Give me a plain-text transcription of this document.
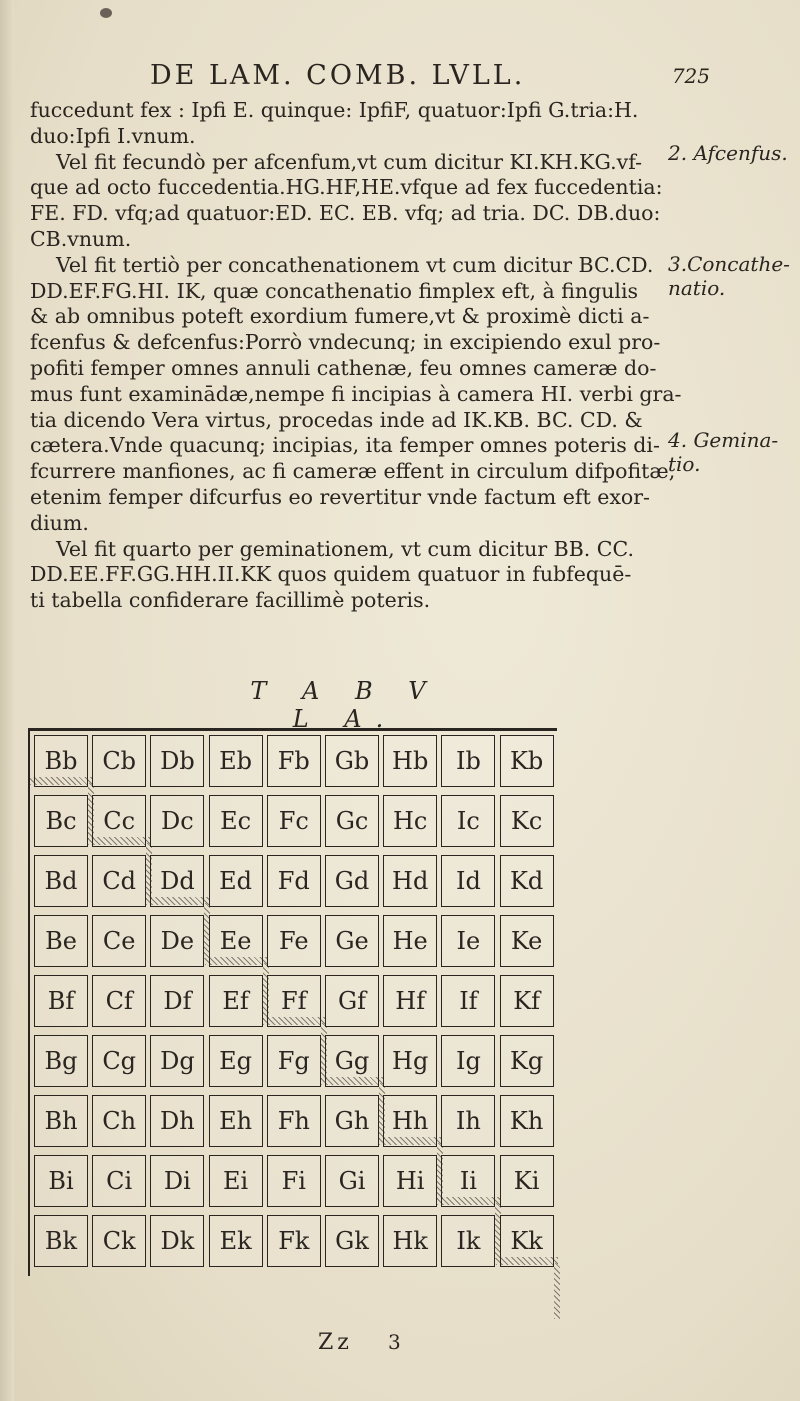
DE LAM. COMB. LVLL.	725

fuccedunt fex : Ipfi E. quinque: IpfiF, quatuor:Ipfi G.tria:H.

duo:Ipfi I.vnum.

Vel fit fecundò per afcenfum,vt cum dicitur KI.KH.KG.vf-

que ad octo fuccedentia.HG.HF,HE.vfque ad fex fuccedentia:

FE. FD. vfq;ad quatuor:ED. EC. EB. vfq; ad tria. DC. DB.duo:

CB.vnum.

Vel fit tertiò per concathenationem vt cum dicitur BC.CD.

DD.EF.FG.HI. IK, quæ concathenatio fimplex eft, à fingulis

& ab omnibus poteft exordium fumere,vt & proximè dicti a-

fcenfus & defcenfus:Porrò vndecunq; in excipiendo exul pro-

pofiti femper omnes annuli cathenæ, feu omnes cameræ do-

mus funt examinādæ,nempe fi incipias à camera HI. verbi gra-

tia dicendo Vera virtus, procedas inde ad IK.KB. BC. CD. &

cætera.Vnde quacunq; incipias, ita femper omnes poteris di-

fcurrere manfiones, ac fi cameræ effent in circulum difpofitæ,

etenim femper difcurfus eo revertitur vnde factum eft exor-

dium.

Vel fit quarto per geminationem, vt cum dicitur BB. CC.

DD.EE.FF.GG.HH.II.KK quos quidem quatuor in fubfequē-

ti tabella confiderare facillimè poteris.

2. Afcenfus.
3.Concathe-
natio.
4. Gemina-
tio.
T A B V L A.
Bb	Cb	Db	Eb	Fb	Gb Hb	Ib	Kb
Bc	Cc	Dc	Ec	Fc	Gc	Hc	Ic	Kc
Bd	Cd	Dd	Ed	Fd	Gd Hd	Id	Kd
Be	Ce	De	Ee	Fe	Ge He	Ie	Ke
Bf	Cf	Df	Ef	Ff	Gf	Hf	If	Kf
Bg	Cg	Dg	Eg	Fg	Gg Hg	Ig	Kg
Bh	Ch Dh	Eh	Fh	Gh Hh	Ih	Kh
Bi	Ci	Di	Ei	Fi	Gi	Hi	Ii	Ki
Bk	Ck	Dk	Ek	Fk	Gk Hk	Ik	Kk
Zz 3
